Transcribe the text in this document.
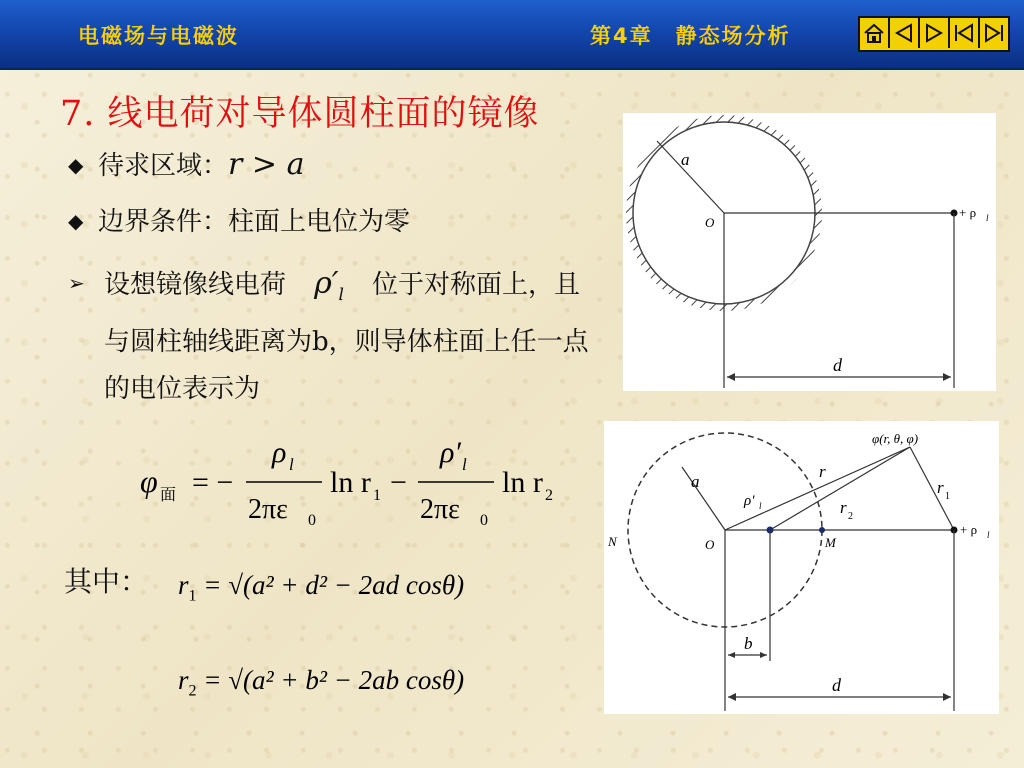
电磁场与电磁波	第4章　静态场分析
7. 线电荷对导体圆柱面的镜像
◆ 待求区域：r > a
◆ 边界条件：柱面上电位为零
➢ 设想镜像线电荷 $\rho'_l$ 位于对称面上，且与圆柱轴线距离为b，则导体柱面上任一点的电位表示为
φ 面 = −
ρ l
2πε 0
ln r 1 −
ρ′ l
2πε 0
ln r 2
其中： $r_1 = √(a^2 + d^2 - 2ad$ cosθ)
$r_2 = √(a^2 + b^2 - 2ab$ cosθ)
a
O
+ ρ l
d
a
φ(r, θ, φ)
r
ρ′ l	r 2
r 1
N	O	M
+ ρ l
b
d
